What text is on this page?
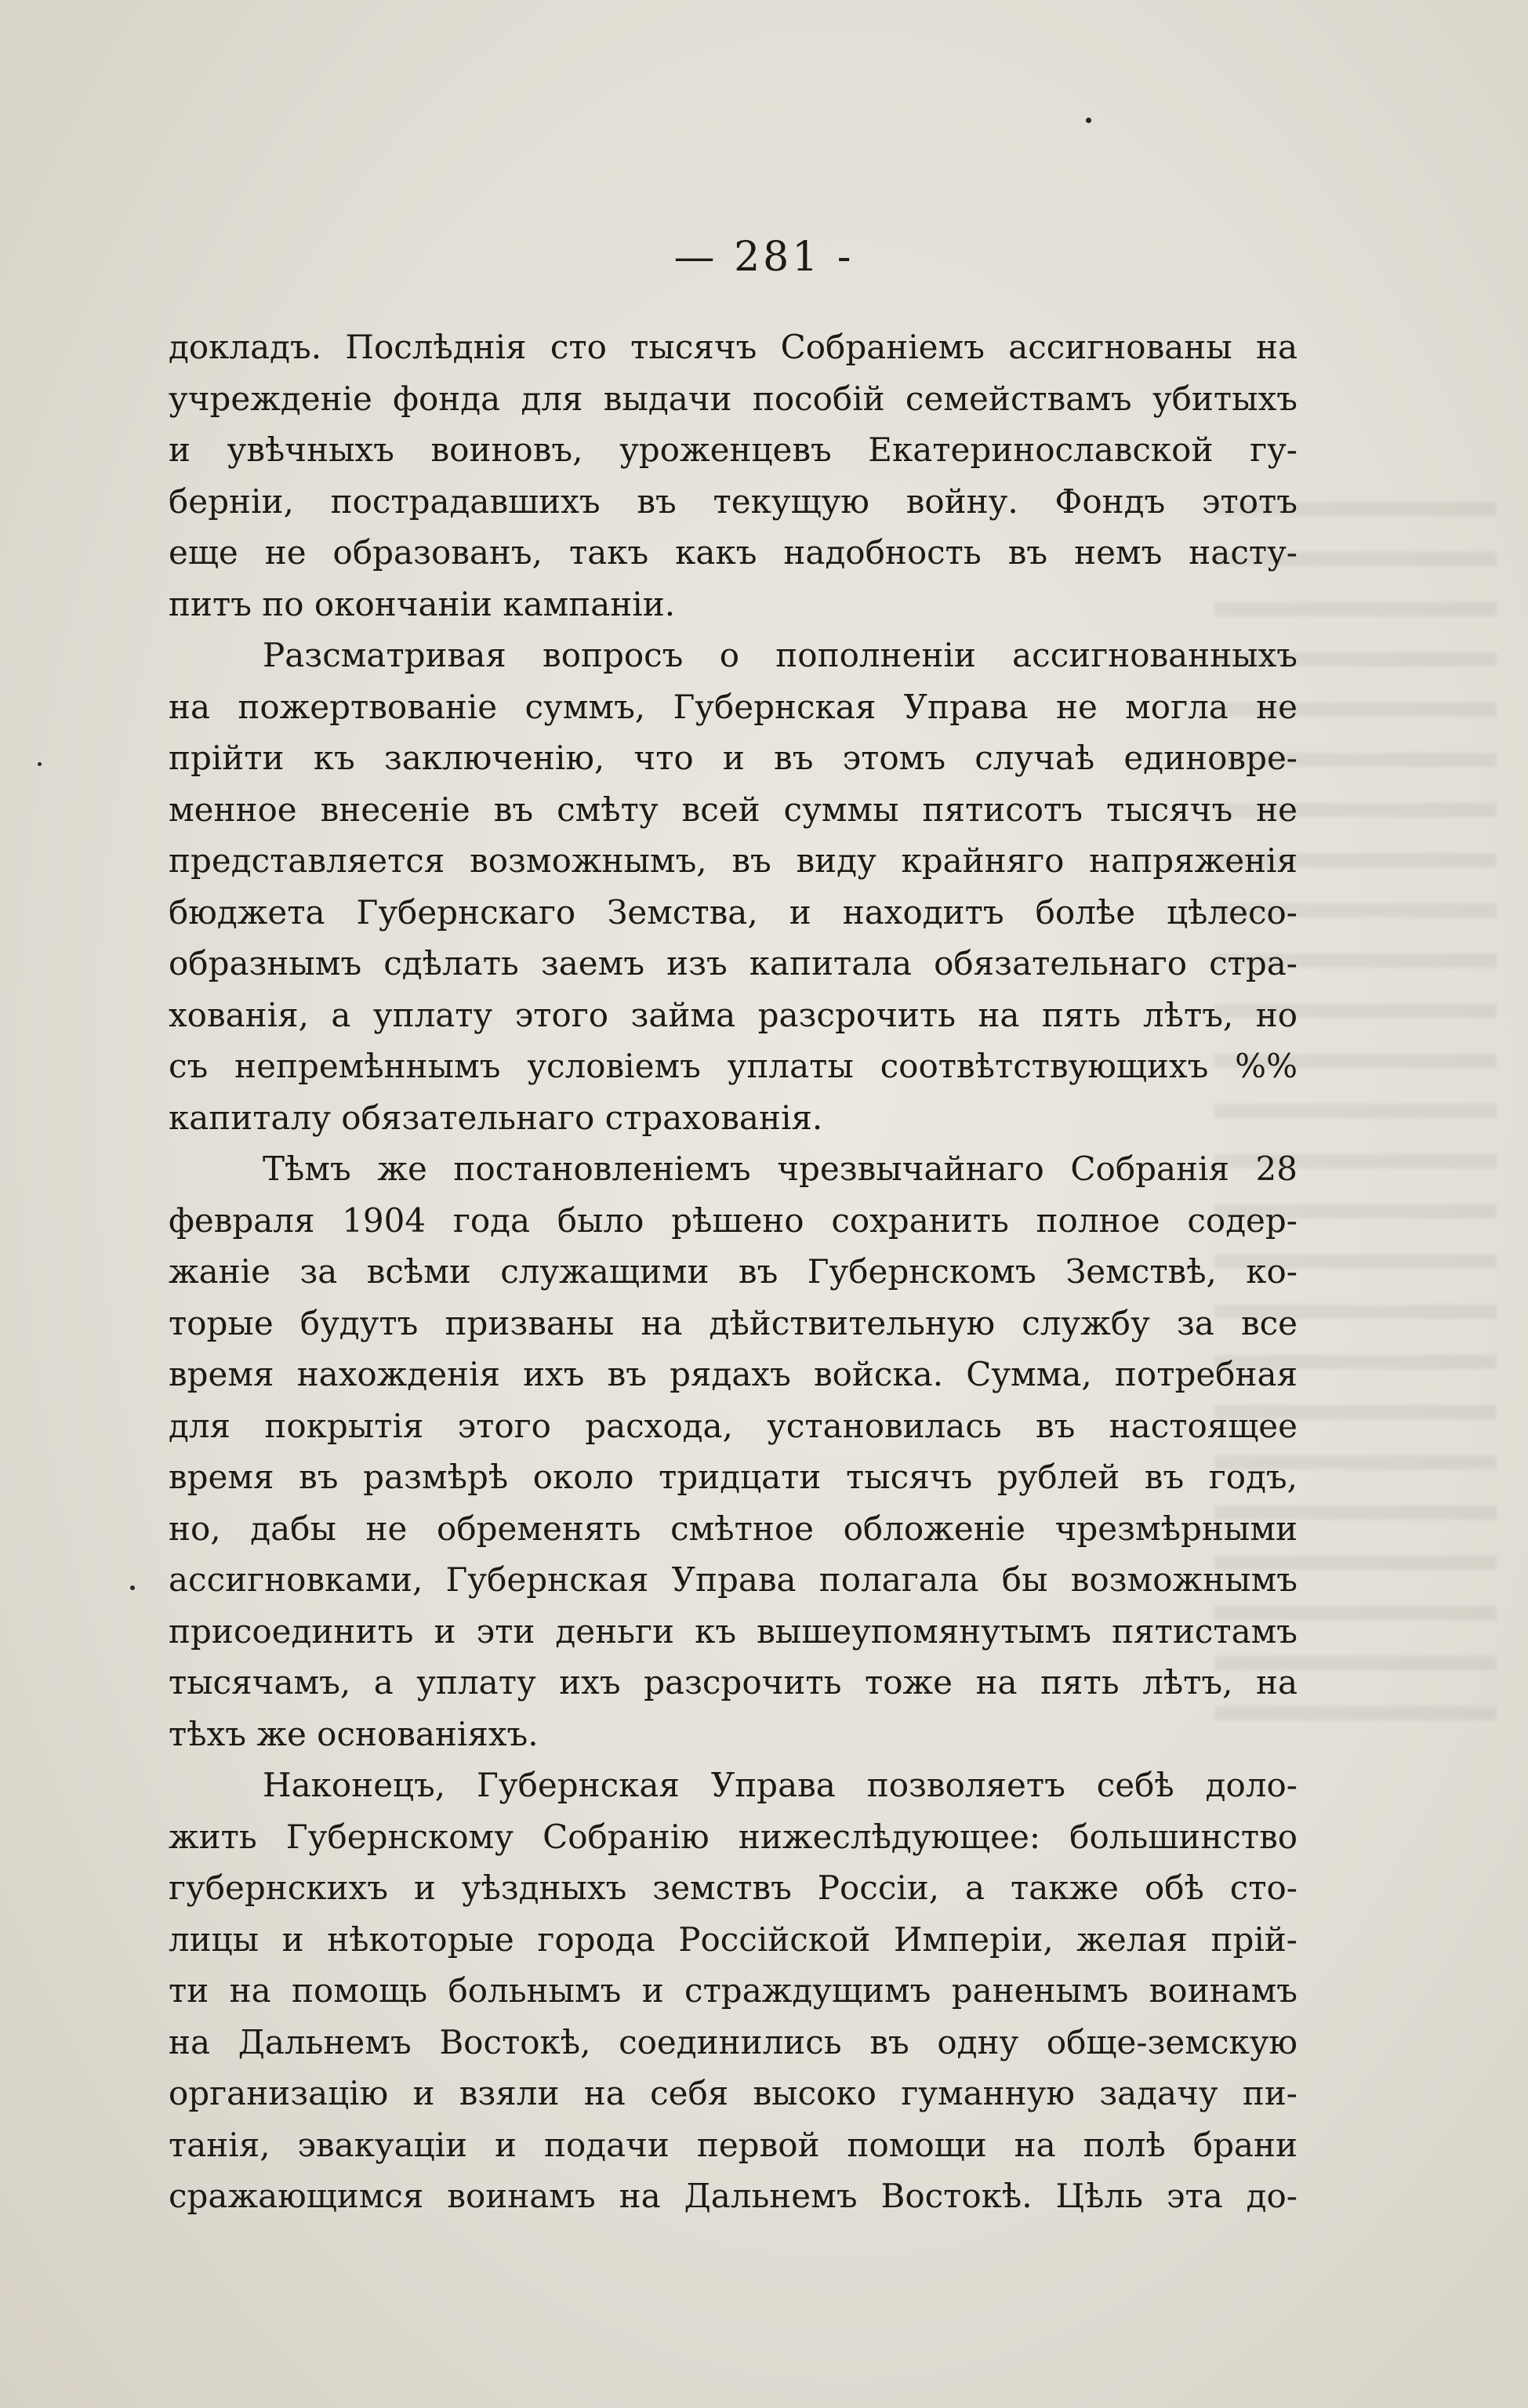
— 281 -
докладъ. Послѣднія сто тысячъ Собраніемъ ассигнованы на
учрежденіе фонда для выдачи пособій семействамъ убитыхъ
и увѣчныхъ воиновъ, уроженцевъ Екатеринославской гу-
берніи, пострадавшихъ въ текущую войну. Фондъ этотъ
еще не образованъ, такъ какъ надобность въ немъ насту-
питъ по окончаніи кампаніи.
Разсматривая вопросъ о пополненіи ассигнованныхъ
на пожертвованіе суммъ, Губернская Управа не могла не
прійти къ заключенію, что и въ этомъ случаѣ единовре-
менное внесеніе въ смѣту всей суммы пятисотъ тысячъ не
представляется возможнымъ, въ виду крайняго напряженія
бюджета Губернскаго Земства, и находитъ болѣе цѣлесо-
образнымъ сдѣлать заемъ изъ капитала обязательнаго стра-
хованія, а уплату этого займа разсрочить на пять лѣтъ, но
съ непремѣннымъ условіемъ уплаты соотвѣтствующихъ %%
капиталу обязательнаго страхованія.
Тѣмъ же постановленіемъ чрезвычайнаго Собранія 28
февраля 1904 года было рѣшено сохранить полное содер-
жаніе за всѣми служащими въ Губернскомъ Земствѣ, ко-
торые будутъ призваны на дѣйствительную службу за все
время нахожденія ихъ въ рядахъ войска. Сумма, потребная
для покрытія этого расхода, установилась въ настоящее
время въ размѣрѣ около тридцати тысячъ рублей въ годъ,
но, дабы не обременять смѣтное обложеніе чрезмѣрными
ассигновками, Губернская Управа полагала бы возможнымъ
присоединить и эти деньги къ вышеупомянутымъ пятистамъ
тысячамъ, а уплату ихъ разсрочить тоже на пять лѣтъ, на
тѣхъ же основаніяхъ.
Наконецъ, Губернская Управа позволяетъ себѣ доло-
жить Губернскому Собранію нижеслѣдующее: большинство
губернскихъ и уѣздныхъ земствъ Россіи, а также обѣ сто-
лицы и нѣкоторые города Россійской Имперіи, желая прій-
ти на помощь больнымъ и страждущимъ раненымъ воинамъ
на Дальнемъ Востокѣ, соединились въ одну обще-земскую
организацію и взяли на себя высоко гуманную задачу пи-
танія, эвакуаціи и подачи первой помощи на полѣ брани
сражающимся воинамъ на Дальнемъ Востокѣ. Цѣль эта до-
